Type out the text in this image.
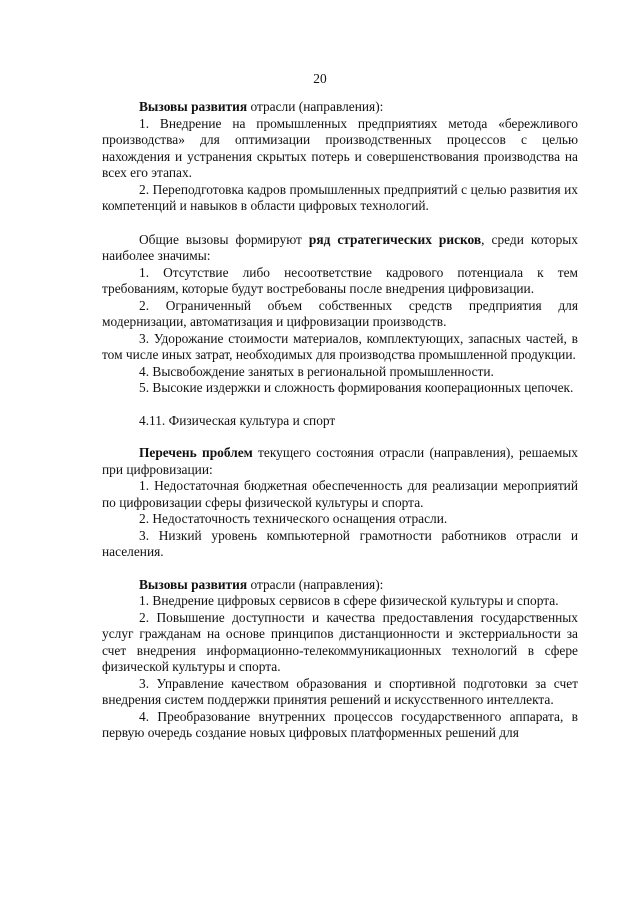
20

Вызовы развития отрасли (направления):

1. Внедрение на промышленных предприятиях метода «бережливого производства» для оптимизации производственных процессов с целью нахождения и устранения скрытых потерь и совершенствования производства на всех его этапах.

2. Переподготовка кадров промышленных предприятий с целью развития их компетенций и навыков в области цифровых технологий.

Общие вызовы формируют ряд стратегических рисков, среди которых наиболее значимы:

1. Отсутствие либо несоответствие кадрового потенциала к тем требованиям, которые будут востребованы после внедрения цифровизации.

2. Ограниченный объем собственных средств предприятия для модернизации, автоматизация и цифровизации производств.

3. Удорожание стоимости материалов, комплектующих, запасных частей, в том числе иных затрат, необходимых для производства промышленной продукции.

4. Высвобождение занятых в региональной промышленности.

5. Высокие издержки и сложность формирования кооперационных цепочек.

4.11. Физическая культура и спорт

Перечень проблем текущего состояния отрасли (направления), решаемых при цифровизации:

1. Недостаточная бюджетная обеспеченность для реализации мероприятий по цифровизации сферы физической культуры и спорта.

2. Недостаточность технического оснащения отрасли.

3. Низкий уровень компьютерной грамотности работников отрасли и населения.

Вызовы развития отрасли (направления):

1. Внедрение цифровых сервисов в сфере физической культуры и спорта.

2. Повышение доступности и качества предоставления государственных услуг гражданам на основе принципов дистанционности и экстерриальности за счет внедрения информационно-телекоммуникационных технологий в сфере физической культуры и спорта.

3. Управление качеством образования и спортивной подготовки за счет внедрения систем поддержки принятия решений и искусственного интеллекта.

4. Преобразование внутренних процессов государственного аппарата, в первую очередь создание новых цифровых платформенных решений для
